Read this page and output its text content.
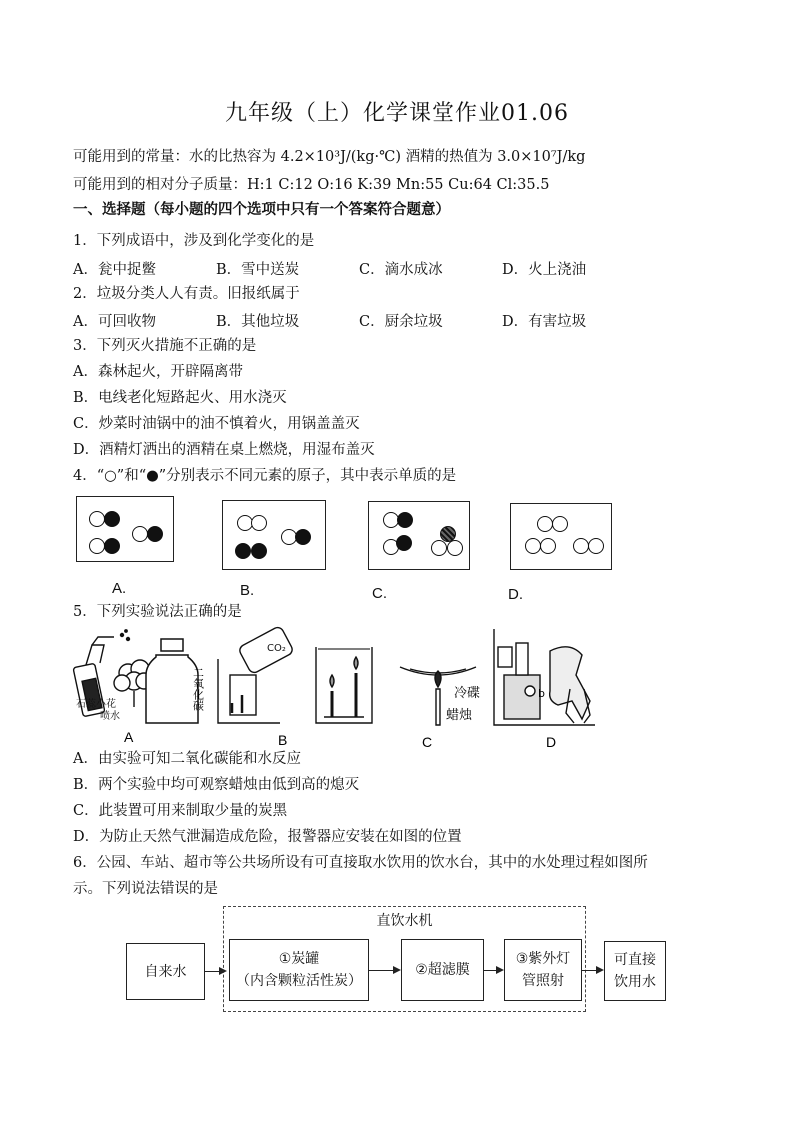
九年级（上）化学课堂作业01.06
可能用到的常量：水的比热容为 4.2×10³J/(kg·℃) 酒精的热值为 3.0×10⁷J/kg
可能用到的相对分子质量：H:1 C:12 O:16 K:39 Mn:55 Cu:64 Cl:35.5
一、选择题（每小题的四个选项中只有一个答案符合题意）
1．下列成语中，涉及到化学变化的是
A．瓮中捉鳖	B．雪中送炭	C．滴水成冰	D．火上浇油
2．垃圾分类人人有责。旧报纸属于
A．可回收物	B．其他垃圾	C．厨余垃圾	D．有害垃圾
3．下列灭火措施不正确的是
A．森林起火，开辟隔离带
B．电线老化短路起火、用水浇灭
C．炒菜时油锅中的油不慎着火，用锅盖盖灭
D．酒精灯洒出的酒精在桌上燃烧，用湿布盖灭
4．“○”和“●”分别表示不同元素的原子，其中表示单质的是
A.	B.	C.	D.
5．下列实验说法正确的是
二氧化碳
石蕊小花
喷水
CO₂
冷碟
蜡烛
b
A	B	C	D
A．由实验可知二氧化碳能和水反应
B．两个实验中均可观察蜡烛由低到高的熄灭
C．此装置可用来制取少量的炭黑
D．为防止天然气泄漏造成危险，报警器应安装在如图的位置
6．公园、车站、超市等公共场所设有可直接取水饮用的饮水台，其中的水处理过程如图所
示。下列说法错误的是
直饮水机
自来水
①炭罐
（内含颗粒活性炭）
②超滤膜
③紫外灯
管照射
可直接
饮用水
